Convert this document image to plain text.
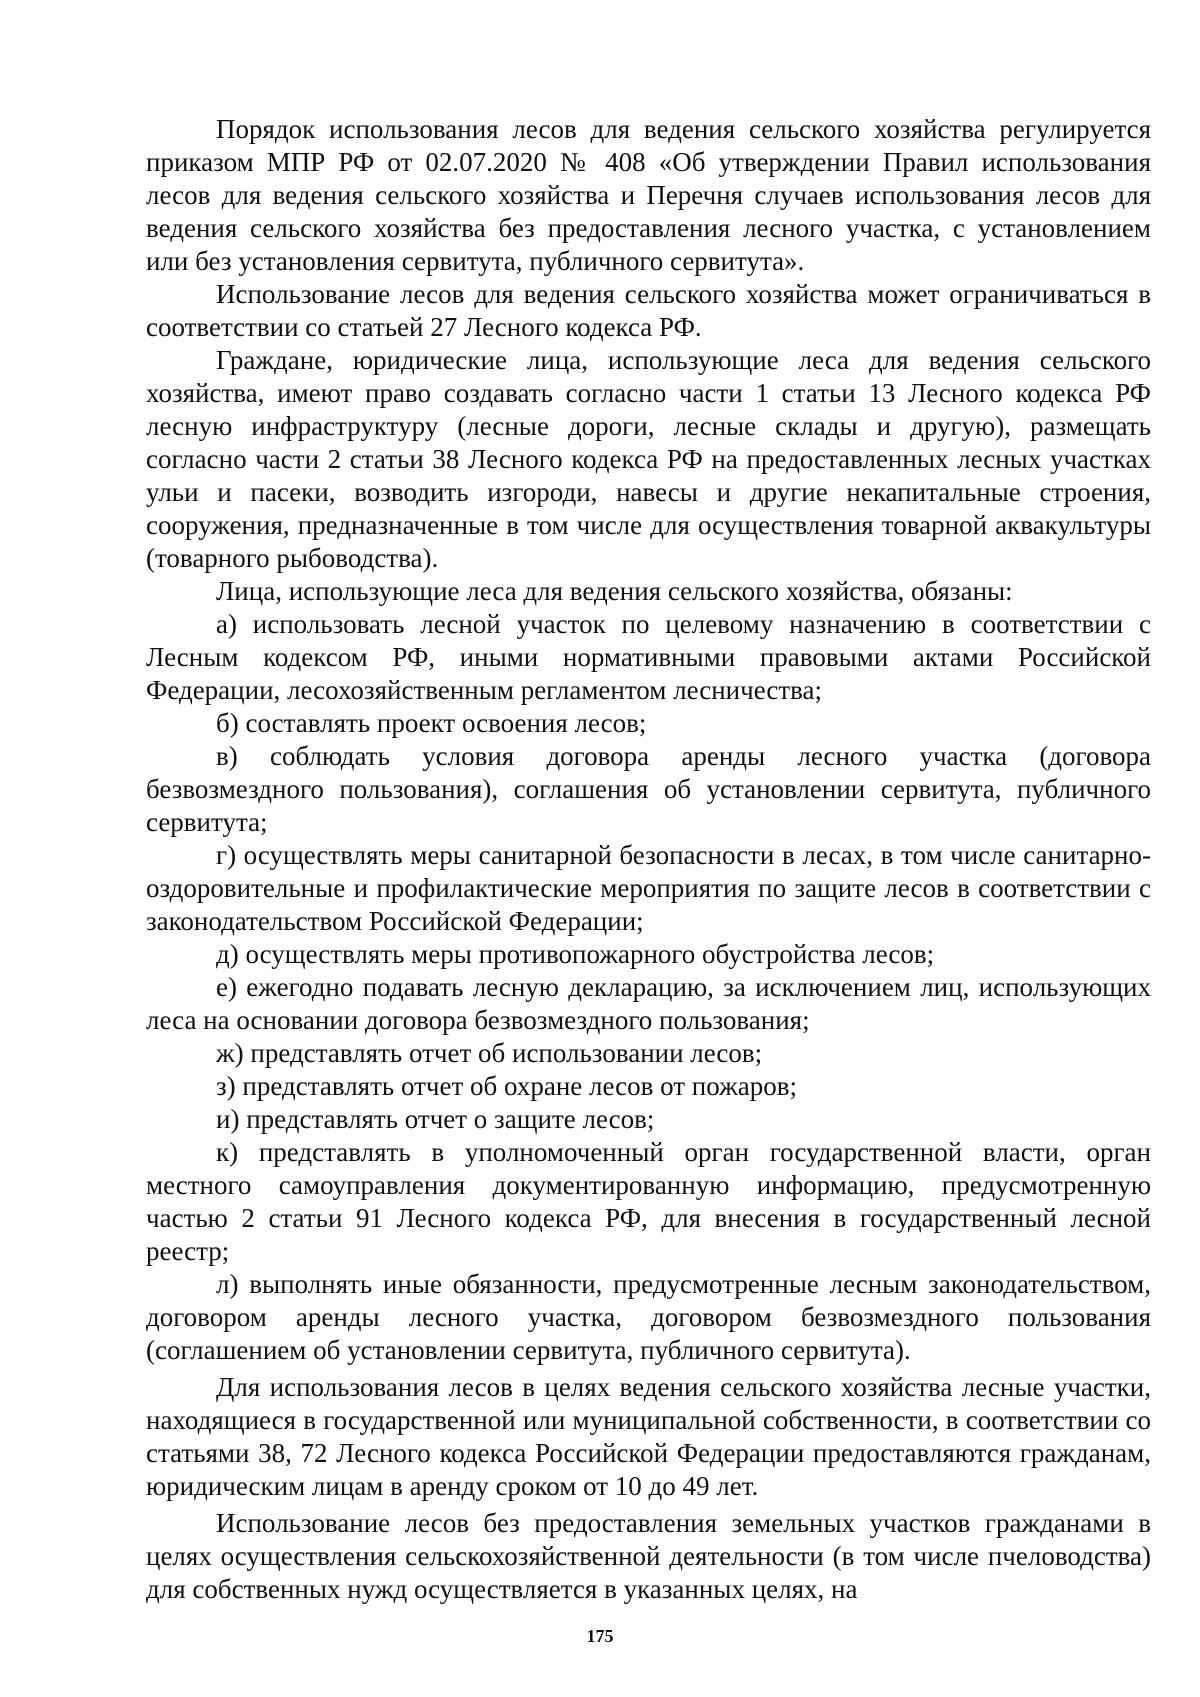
Порядок использования лесов для ведения сельского хозяйства регулируется приказом МПР РФ от 02.07.2020 № 408 «Об утверждении Правил использования лесов для ведения сельского хозяйства и Перечня случаев использования лесов для ведения сельского хозяйства без предоставления лесного участка, с установлением или без установления сервитута, публичного сервитута».

Использование лесов для ведения сельского хозяйства может ограничиваться в соответствии со статьей 27 Лесного кодекса РФ.

Граждане, юридические лица, использующие леса для ведения сельского хозяйства, имеют право создавать согласно части 1 статьи 13 Лесного кодекса РФ лесную инфраструктуру (лесные дороги, лесные склады и другую), размещать согласно части 2 статьи 38 Лесного кодекса РФ на предоставленных лесных участках ульи и пасеки, возводить изгороди, навесы и другие некапитальные строения, сооружения, предназначенные в том числе для осуществления товарной аквакультуры (товарного рыбоводства).

Лица, использующие леса для ведения сельского хозяйства, обязаны:

а) использовать лесной участок по целевому назначению в соответствии с Лесным кодексом РФ, иными нормативными правовыми актами Российской Федерации, лесохозяйственным регламентом лесничества;

б) составлять проект освоения лесов;

в) соблюдать условия договора аренды лесного участка (договора безвозмездного пользования), соглашения об установлении сервитута, публичного сервитута;

г) осуществлять меры санитарной безопасности в лесах, в том числе санитарно-оздоровительные и профилактические мероприятия по защите лесов в соответствии с законодательством Российской Федерации;

д) осуществлять меры противопожарного обустройства лесов;

е) ежегодно подавать лесную декларацию, за исключением лиц, использующих леса на основании договора безвозмездного пользования;

ж) представлять отчет об использовании лесов;

з) представлять отчет об охране лесов от пожаров;

и) представлять отчет о защите лесов;

к) представлять в уполномоченный орган государственной власти, орган местного самоуправления документированную информацию, предусмотренную частью 2 статьи 91 Лесного кодекса РФ, для внесения в государственный лесной реестр;

л) выполнять иные обязанности, предусмотренные лесным законодательством, договором аренды лесного участка, договором безвозмездного пользования (соглашением об установлении сервитута, публичного сервитута).

Для использования лесов в целях ведения сельского хозяйства лесные участки, находящиеся в государственной или муниципальной собственности, в соответствии со статьями 38, 72 Лесного кодекса Российской Федерации предоставляются гражданам, юридическим лицам в аренду сроком от 10 до 49 лет.

Использование лесов без предоставления земельных участков гражданами в целях осуществления сельскохозяйственной деятельности (в том числе пчеловодства) для собственных нужд осуществляется в указанных целях, на

175
